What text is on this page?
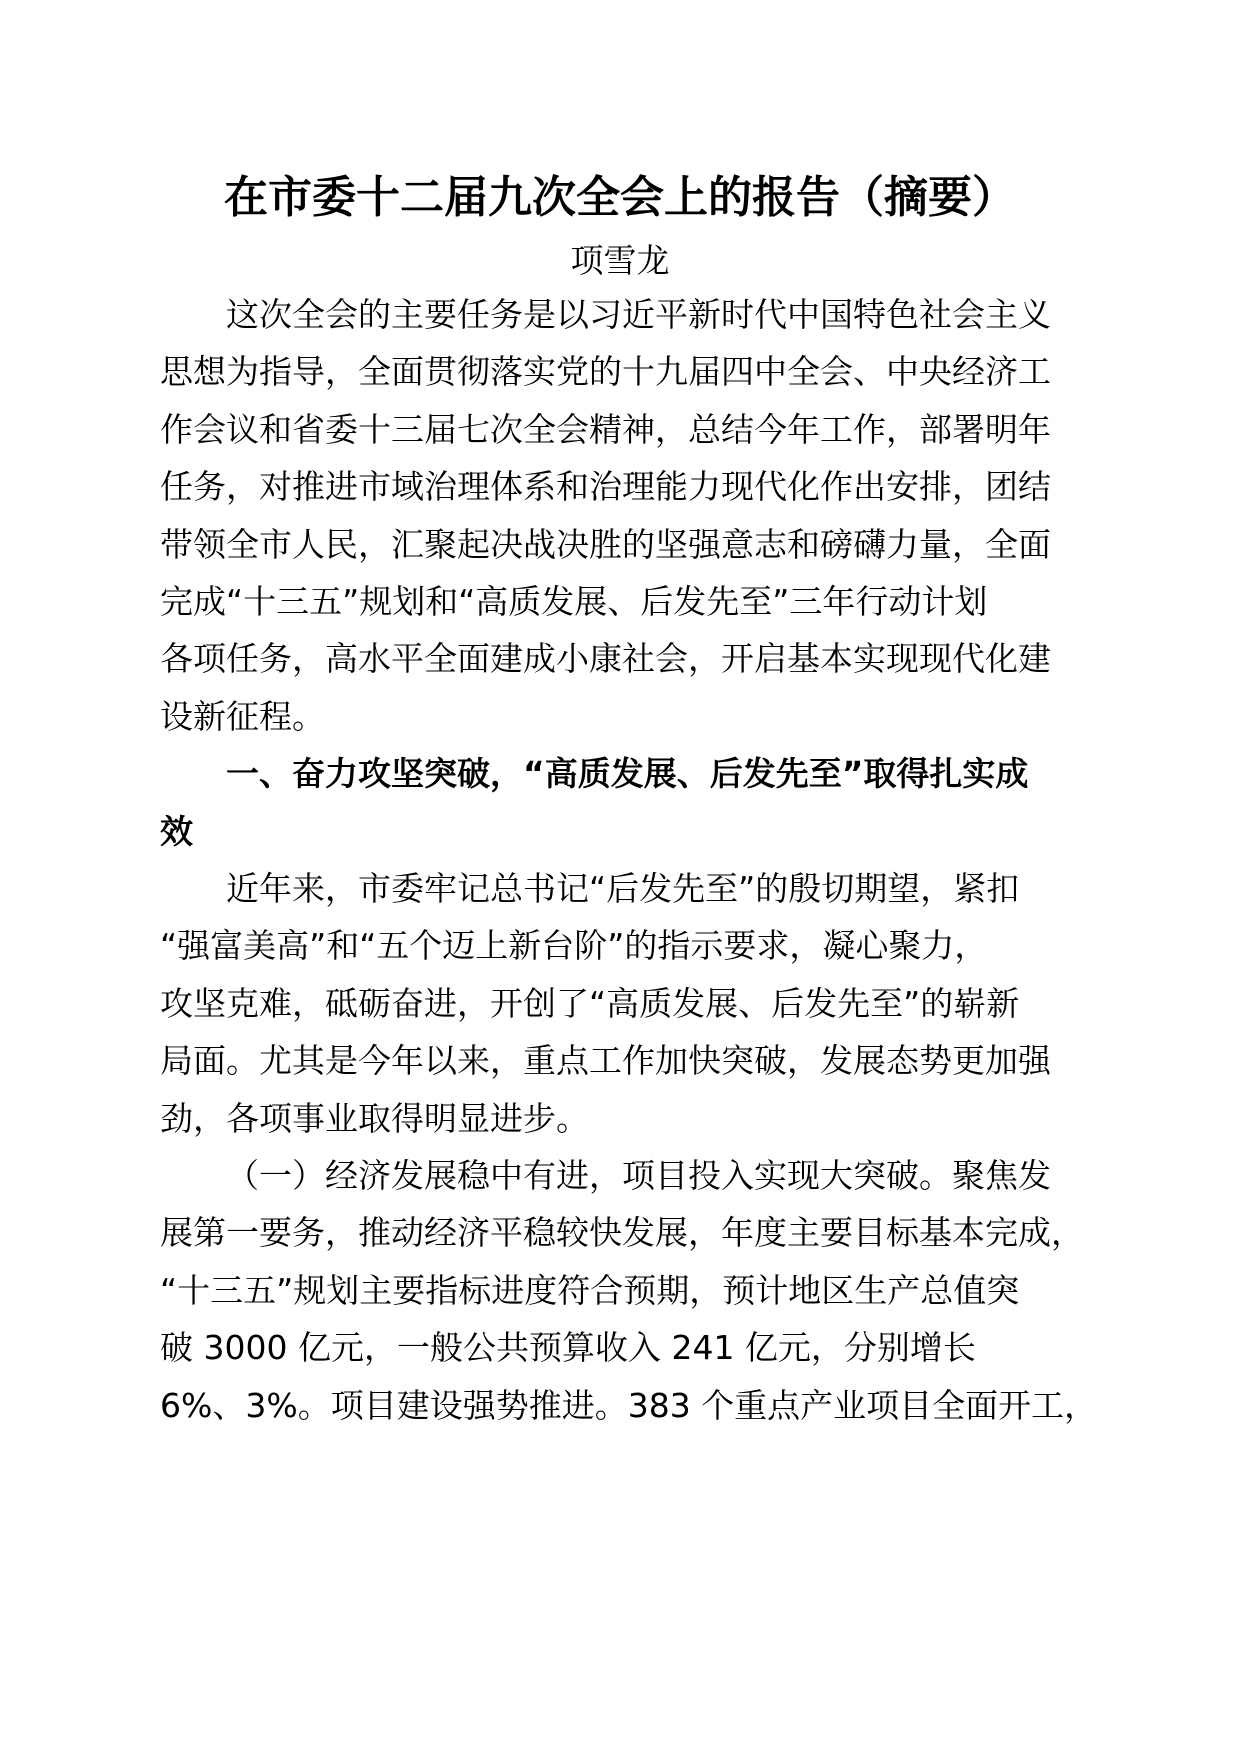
在市委十二届九次全会上的报告（摘要）
项雪龙
这次全会的主要任务是以习近平新时代中国特色社会主义
思想为指导，全面贯彻落实党的十九届四中全会、中央经济工
作会议和省委十三届七次全会精神，总结今年工作，部署明年
任务，对推进市域治理体系和治理能力现代化作出安排，团结
带领全市人民，汇聚起决战决胜的坚强意志和磅礴力量，全面
完成“十三五”规划和“高质发展、后发先至”三年行动计划
各项任务，高水平全面建成小康社会，开启基本实现现代化建
设新征程。
一、奋力攻坚突破，“高质发展、后发先至”取得扎实成
效
近年来，市委牢记总书记“后发先至”的殷切期望，紧扣
“强富美高”和“五个迈上新台阶”的指示要求，凝心聚力，
攻坚克难，砥砺奋进，开创了“高质发展、后发先至”的崭新
局面。尤其是今年以来，重点工作加快突破，发展态势更加强
劲，各项事业取得明显进步。
（一）经济发展稳中有进，项目投入实现大突破。聚焦发
展第一要务，推动经济平稳较快发展，年度主要目标基本完成，
“十三五”规划主要指标进度符合预期，预计地区生产总值突
破 3000 亿元，一般公共预算收入 241 亿元，分别增长
6%、3%。项目建设强势推进。383 个重点产业项目全面开工，
